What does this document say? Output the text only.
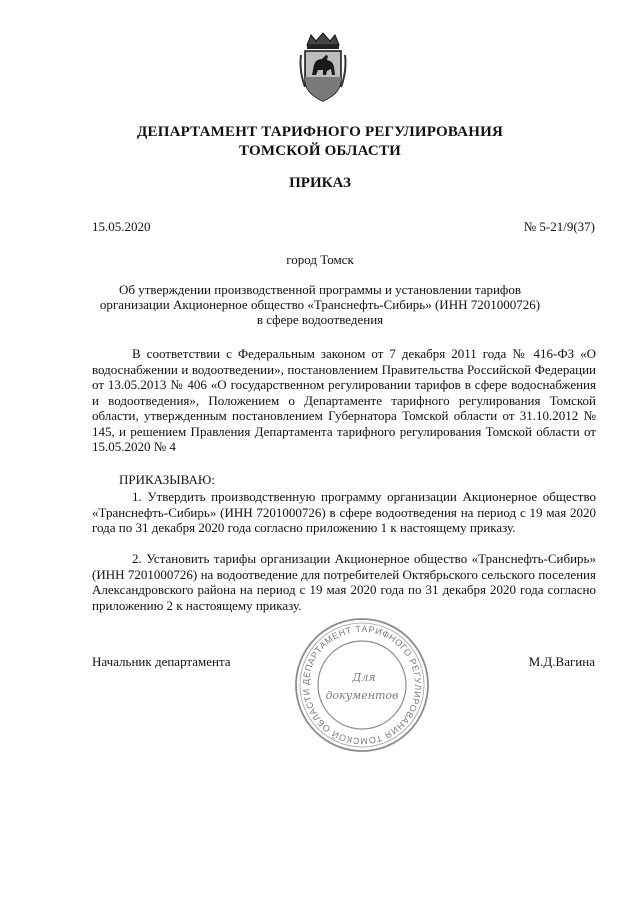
ДЕПАРТАМЕНТ ТАРИФНОГО РЕГУЛИРОВАНИЯ
ТОМСКОЙ ОБЛАСТИ
ПРИКАЗ
15.05.2020	№ 5-21/9(37)
город Томск
Об утверждении производственной программы и установлении тарифов
организации Акционерное общество «Транснефть-Сибирь» (ИНН 7201000726)
в сфере водоотведения
В соответствии с Федеральным законом от 7 декабря 2011 года № 416-ФЗ «О водоснабжении и водоотведении», постановлением Правительства Российской Федерации от 13.05.2013 № 406 «О государственном регулировании тарифов в сфере водоснабжения и водоотведения», Положением о Департаменте тарифного регулирования Томской области, утвержденным постановлением Губернатора Томской области от 31.10.2012 № 145, и решением Правления Департамента тарифного регулирования Томской области от 15.05.2020 № 4
ПРИКАЗЫВАЮ:
1. Утвердить производственную программу организации Акционерное общество «Транснефть-Сибирь» (ИНН 7201000726) в сфере водоотведения на период с 19 мая 2020 года по 31 декабря 2020 года согласно приложению 1 к настоящему приказу.
2. Установить тарифы организации Акционерное общество «Транснефть-Сибирь» (ИНН 7201000726) на водоотведение для потребителей Октябрьского сельского поселения Александровского района на период с 19 мая 2020 года по 31 декабря 2020 года согласно приложению 2 к настоящему приказу.
Начальник департамента	М.Д.Вагина
ДЕПАРТАМЕНТ ТАРИФНОГО РЕГУЛИРОВАНИЯ ТОМСКОЙ ОБЛАСТИ
Для
документов
